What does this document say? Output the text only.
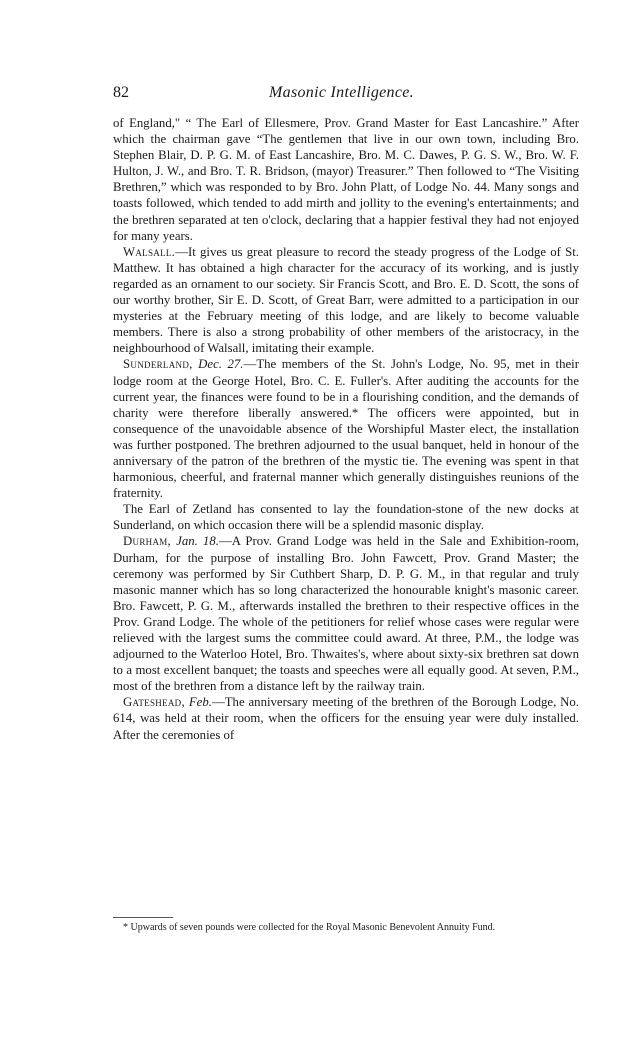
82	Masonic Intelligence.

of England," “ The Earl of Ellesmere, Prov. Grand Master for East Lancashire.” After which the chairman gave “The gentlemen that live in our own town, including Bro. Stephen Blair, D. P. G. M. of East Lancashire, Bro. M. C. Dawes, P. G. S. W., Bro. W. F. Hulton, J. W., and Bro. T. R. Bridson, (mayor) Treasurer.” Then followed to “The Visiting Brethren,” which was responded to by Bro. John Platt, of Lodge No. 44. Many songs and toasts followed, which tended to add mirth and jollity to the evening's entertainments; and the brethren separated at ten o'clock, declaring that a happier festival they had not enjoyed for many years.

Walsall.—It gives us great pleasure to record the steady progress of the Lodge of St. Matthew. It has obtained a high character for the accuracy of its working, and is justly regarded as an ornament to our society. Sir Francis Scott, and Bro. E. D. Scott, the sons of our worthy brother, Sir E. D. Scott, of Great Barr, were admitted to a participation in our mysteries at the February meeting of this lodge, and are likely to become valuable members. There is also a strong probability of other members of the aristocracy, in the neighbourhood of Walsall, imitating their example.

Sunderland, Dec. 27.—The members of the St. John's Lodge, No. 95, met in their lodge room at the George Hotel, Bro. C. E. Fuller's. After auditing the accounts for the current year, the finances were found to be in a flourishing condition, and the demands of charity were therefore liberally answered.* The officers were appointed, but in consequence of the unavoidable absence of the Worshipful Master elect, the installation was further postponed. The brethren adjourned to the usual banquet, held in honour of the anniversary of the patron of the brethren of the mystic tie. The evening was spent in that harmonious, cheerful, and fraternal manner which generally distinguishes reunions of the fraternity.

The Earl of Zetland has consented to lay the foundation-stone of the new docks at Sunderland, on which occasion there will be a splendid masonic display.

Durham, Jan. 18.—A Prov. Grand Lodge was held in the Sale and Exhibition-room, Durham, for the purpose of installing Bro. John Fawcett, Prov. Grand Master; the ceremony was performed by Sir Cuthbert Sharp, D. P. G. M., in that regular and truly masonic manner which has so long characterized the honourable knight's masonic career. Bro. Fawcett, P. G. M., afterwards installed the brethren to their respective offices in the Prov. Grand Lodge. The whole of the petitioners for relief whose cases were regular were relieved with the largest sums the committee could award. At three, P.M., the lodge was adjourned to the Waterloo Hotel, Bro. Thwaites's, where about sixty-six brethren sat down to a most excellent banquet; the toasts and speeches were all equally good. At seven, P.M., most of the brethren from a distance left by the railway train.

Gateshead, Feb.—The anniversary meeting of the brethren of the Borough Lodge, No. 614, was held at their room, when the officers for the ensuing year were duly installed. After the ceremonies of

* Upwards of seven pounds were collected for the Royal Masonic Benevolent Annuity Fund.
